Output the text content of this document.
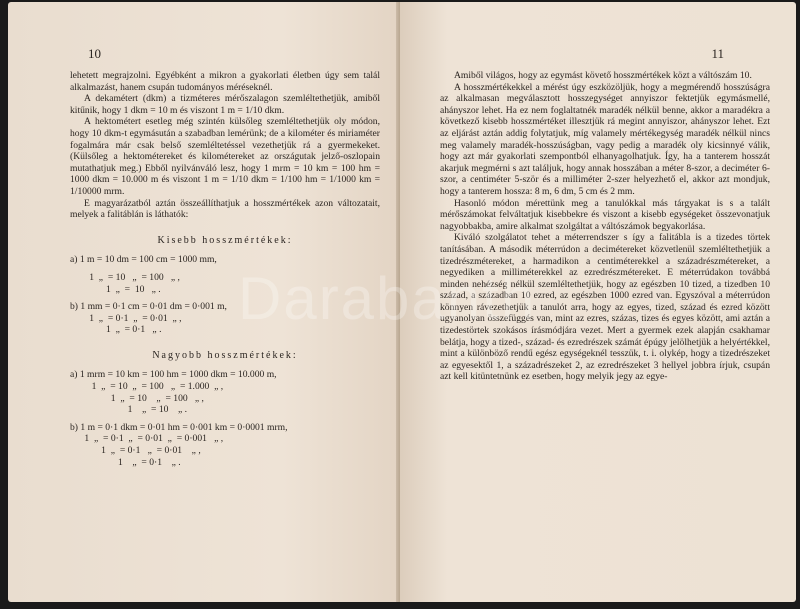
10

lehetett megrajzolni. Egyébként a mikron a gyakorlati életben úgy sem talál alkalmazást, hanem csupán tudományos méréseknél.

A dekamétert (dkm) a tizméteres mérőszalagon szemléltethetjük, amiből kitűnik, hogy 1 dkm = 10 m és viszont 1 m = 1/10 dkm.

A hektométert esetleg még szintén külsőleg szemléltethetjük oly módon, hogy 10 dkm-t egymásután a szabadban lemérünk; de a kilométer és miriaméter fogalmára már csak belső szemléltetéssel vezethetjük rá a gyermekeket. (Külsőleg a hektométereket és kilométereket az országutak jelző-oszlopain mutathatjuk meg.) Ebből nyilvánváló lesz, hogy 1 mrm = 10 km = 100 hm = 1000 dkm = 10.000 m és viszont 1 m = 1/10 dkm = 1/100 hm = 1/1000 km = 1/10000 mrm.

E magyarázatból aztán összeállíthatjuk a hosszmértékek azon változatait, melyek a falitáblán is láthatók:

Kisebb hosszmértékek:
a) 1 m = 10 dm = 100 cm = 1000 mm,
1  „  = 10   „  = 100   „ ,
1  „  =  10   „ .
b) 1 mm = 0·1 cm = 0·01 dm = 0·001 m,
1  „  = 0·1  „  = 0·01  „ ,
1  „  = 0·1   „ .
Nagyobb hosszmértékek:
a) 1 mrm = 10 km = 100 hm = 1000 dkm = 10.000 m,
1  „  = 10  „  = 100   „  = 1.000  „ ,
1  „  = 10    „  = 100   „ ,
1    „  = 10    „ .
b) 1 m = 0·1 dkm = 0·01 hm = 0·001 km = 0·0001 mrm,
1  „  = 0·1  „  = 0·01  „  = 0·001   „ ,
1  „  = 0·1   „  = 0·01    „ ,
1    „  = 0·1    „ .
11

Amiből világos, hogy az egymást követő hosszmértékek közt a váltószám 10.

A hosszmértékekkel a mérést úgy eszközöljük, hogy a megmérendő hosszúságra az alkalmasan megválasztott hosszegységet annyiszor fektetjük egymásmellé, ahányszor lehet. Ha ez nem foglaltatnék maradék nélkül benne, akkor a maradékra a következő kisebb hosszmértéket illesztjük rá megint annyiszor, ahányszor lehet. Ezt az eljárást aztán addig folytatjuk, míg valamely mértékegység maradék nélkül nincs meg valamely maradék-hosszúságban, vagy pedig a maradék oly kicsinnyé válik, hogy azt már gyakorlati szempontból elhanyagolhatjuk. Így, ha a tanterem hosszát akarjuk megmérni s azt találjuk, hogy annak hosszában a méter 8-szor, a deciméter 6-szor, a centiméter 5-ször és a milliméter 2-szer helyezhető el, akkor azt mondjuk, hogy a tanterem hossza: 8 m, 6 dm, 5 cm és 2 mm.

Hasonló módon mérettünk meg a tanulókkal más tárgyakat is s a talált mérőszámokat felváltatjuk kisebbekre és viszont a kisebb egységeket összevonatjuk nagyobbakba, amire alkalmat szolgáltat a váltószámok begyakorlása.

Kiváló szolgálatot tehet a méterrendszer s így a falitábla is a tizedes törtek tanításában. A második méterrúdon a decimétereket közvetlenül szemléltethetjük a tizedrészmétereket, a harmadikon a centiméterekkel a századrészmétereket, a negyediken a milliméterekkel az ezredrészmétereket. E méterrúdakon továbbá minden nehézség nélkül szemléltethetjük, hogy az egészben 10 tized, a tizedben 10 század, a században 10 ezred, az egészben 1000 ezred van. Egyszóval a méterrúdon könnyen rávezethetjük a tanulót arra, hogy az egyes, tized, század és ezred között ugyanolyan összefüggés van, mint az ezres, százas, tizes és egyes között, ami aztán a tizedestörtek szokásos írásmódjára vezet. Mert a gyermek ezek alapján csakhamar belátja, hogy a tized-, század- és ezredrészek számát épúgy jelölhetjük a helyértékkel, mint a különböző rendű egész egységeknél tesszük, t. i. olykép, hogy a tizedrészeket az egyesektől 1, a századrészeket 2, az ezredrészeket 3 hellyel jobbra írjuk, csupán azt kell kitüntetnünk ez esetben, hogy melyik jegy az egye-

Darabanth
